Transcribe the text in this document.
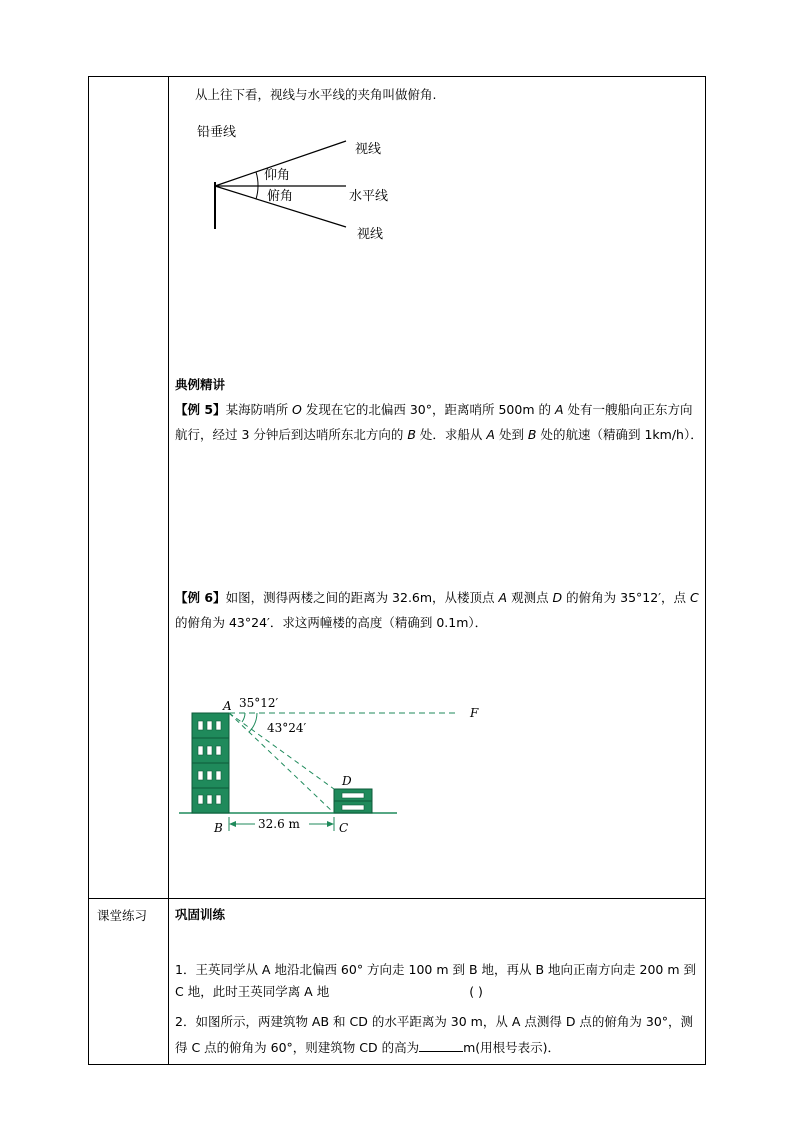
课堂练习
从上往下看，视线与水平线的夹角叫做俯角.
铅垂线
视线
仰角
水平线
俯角
视线
典例精讲
【例 5】某海防哨所 O 发现在它的北偏西 30°，距离哨所 500m 的 A 处有一艘船向正东方向航行，经过 3 分钟后到达哨所东北方向的 B 处．求船从 A 处到 B 处的航速（精确到 1km/h）．
【例 6】如图，测得两楼之间的距离为 32.6m，从楼顶点 A 观测点 D 的俯角为 35°12′，点 C 的俯角为 43°24′．求这两幢楼的高度（精确到 0.1m）．
35°12′
43°24′
A	F
D
B	C
32.6 m
巩固训练
1．王英同学从 A 地沿北偏西 60° 方向走 100 m 到 B 地，再从 B 地向正南方向走 200 m 到 C 地，此时王英同学离 A 地	( )
2．如图所示，两建筑物 AB 和 CD 的水平距离为 30 m，从 A 点测得 D 点的俯角为 30°，测得 C 点的俯角为 60°，则建筑物 CD 的高为	m(用根号表示)．
